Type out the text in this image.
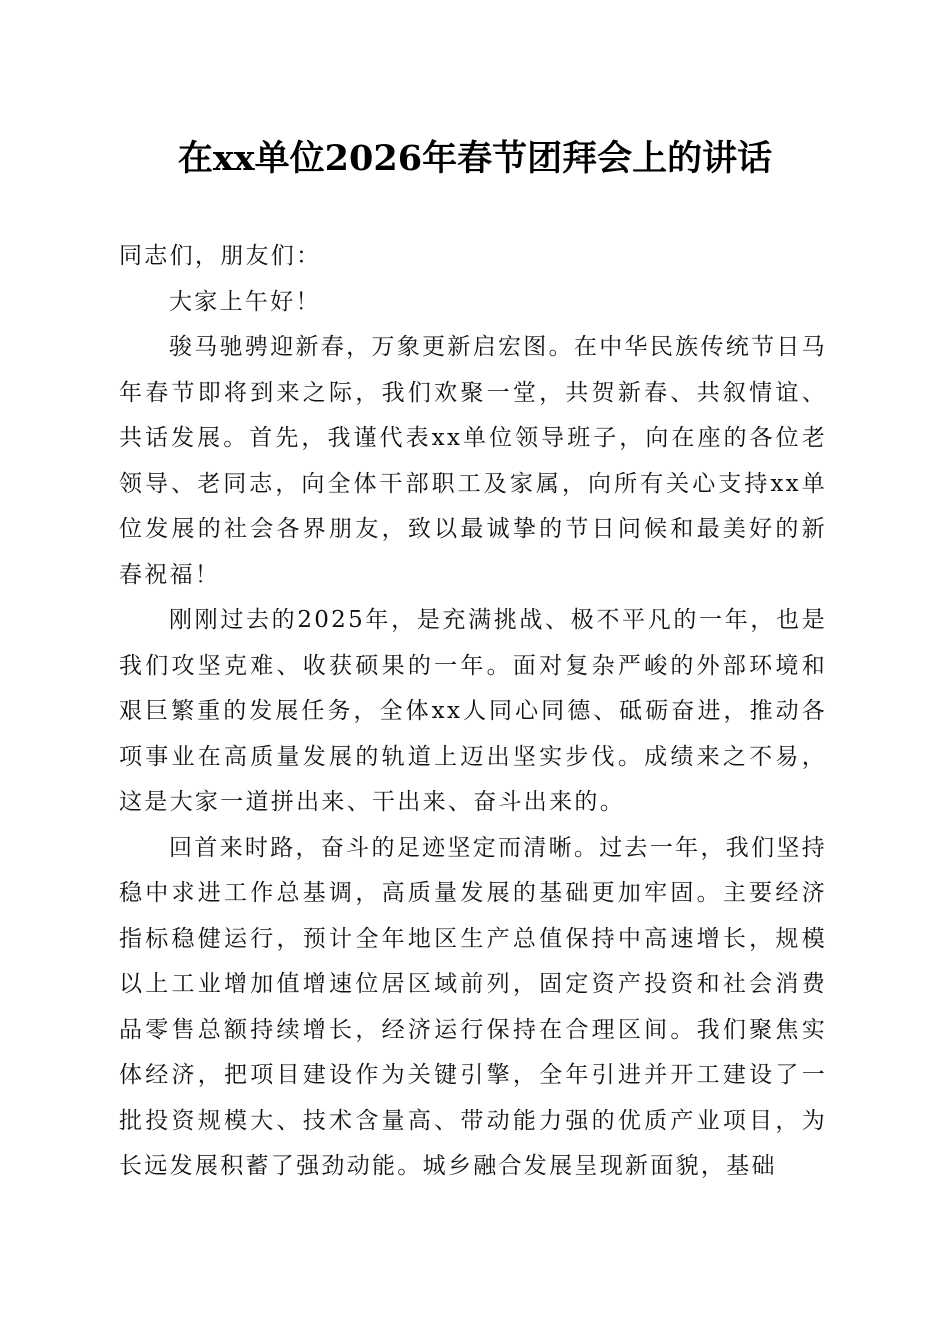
在xx单位2026年春节团拜会上的讲话

同志们，朋友们：

大家上午好！

骏马驰骋迎新春，万象更新启宏图。在中华民族传统节日马年春节即将到来之际，我们欢聚一堂，共贺新春、共叙情谊、共话发展。首先，我谨代表xx单位领导班子，向在座的各位老领导、老同志，向全体干部职工及家属，向所有关心支持xx单位发展的社会各界朋友，致以最诚挚的节日问候和最美好的新春祝福！

刚刚过去的2025年，是充满挑战、极不平凡的一年，也是我们攻坚克难、收获硕果的一年。面对复杂严峻的外部环境和艰巨繁重的发展任务，全体xx人同心同德、砥砺奋进，推动各项事业在高质量发展的轨道上迈出坚实步伐。成绩来之不易，这是大家一道拼出来、干出来、奋斗出来的。

回首来时路，奋斗的足迹坚定而清晰。过去一年，我们坚持稳中求进工作总基调，高质量发展的基础更加牢固。主要经济指标稳健运行，预计全年地区生产总值保持中高速增长，规模以上工业增加值增速位居区域前列，固定资产投资和社会消费品零售总额持续增长，经济运行保持在合理区间。我们聚焦实体经济，把项目建设作为关键引擎，全年引进并开工建设了一批投资规模大、技术含量高、带动能力强的优质产业项目，为长远发展积蓄了强劲动能。城乡融合发展呈现新面貌，基础
